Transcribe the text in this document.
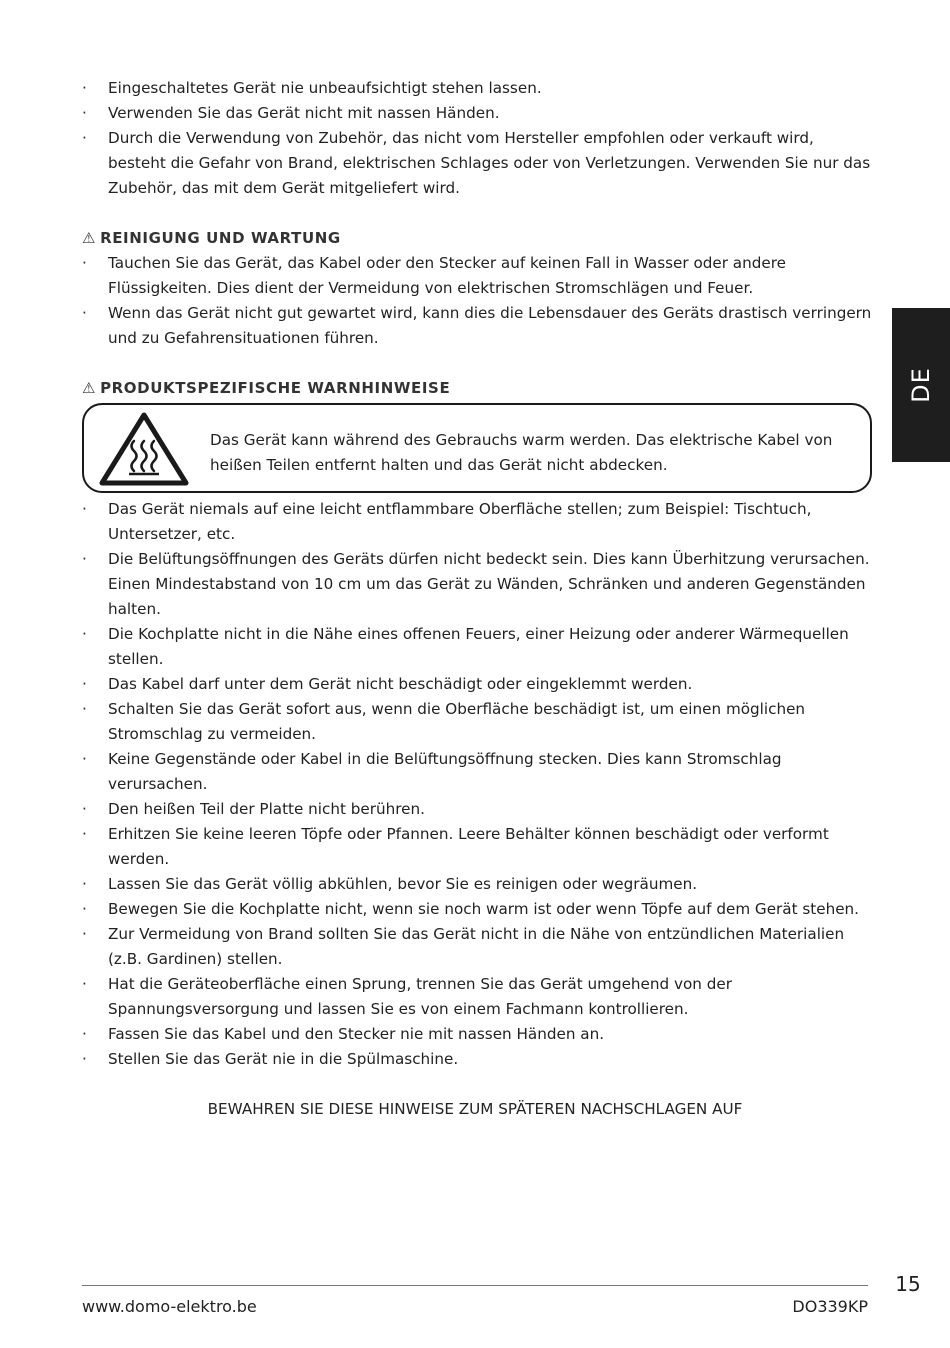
· Eingeschaltetes Gerät nie unbeaufsichtigt stehen lassen.
· Verwenden Sie das Gerät nicht mit nassen Händen.
· Durch die Verwendung von Zubehör, das nicht vom Hersteller empfohlen oder verkauft wird, besteht die Gefahr von Brand, elektrischen Schlages oder von Verletzungen. Verwenden Sie nur das Zubehör, das mit dem Gerät mitgeliefert wird.
⚠ REINIGUNG UND WARTUNG
· Tauchen Sie das Gerät, das Kabel oder den Stecker auf keinen Fall in Wasser oder andere Flüssigkeiten. Dies dient der Vermeidung von elektrischen Stromschlägen und Feuer.
· Wenn das Gerät nicht gut gewartet wird, kann dies die Lebensdauer des Geräts drastisch verringern und zu Gefahrensituationen führen.
⚠ PRODUKTSPEZIFISCHE WARNHINWEISE
Das Gerät kann während des Gebrauchs warm werden. Das elektrische Kabel von heißen Teilen entfernt halten und das Gerät nicht abdecken.
· Das Gerät niemals auf eine leicht entflammbare Oberfläche stellen; zum Beispiel: Tischtuch, Untersetzer, etc.
· Die Belüftungsöffnungen des Geräts dürfen nicht bedeckt sein. Dies kann Überhitzung verursachen. Einen Mindestabstand von 10 cm um das Gerät zu Wänden, Schränken und anderen Gegenständen halten.
· Die Kochplatte nicht in die Nähe eines offenen Feuers, einer Heizung oder anderer Wärmequellen stellen.
· Das Kabel darf unter dem Gerät nicht beschädigt oder eingeklemmt werden.
· Schalten Sie das Gerät sofort aus, wenn die Oberfläche beschädigt ist, um einen möglichen Stromschlag zu vermeiden.
· Keine Gegenstände oder Kabel in die Belüftungsöffnung stecken. Dies kann Stromschlag verursachen.
· Den heißen Teil der Platte nicht berühren.
· Erhitzen Sie keine leeren Töpfe oder Pfannen. Leere Behälter können beschädigt oder verformt werden.
· Lassen Sie das Gerät völlig abkühlen, bevor Sie es reinigen oder wegräumen.
· Bewegen Sie die Kochplatte nicht, wenn sie noch warm ist oder wenn Töpfe auf dem Gerät stehen.
· Zur Vermeidung von Brand sollten Sie das Gerät nicht in die Nähe von entzündlichen Materialien (z.B. Gardinen) stellen.
· Hat die Geräteoberfläche einen Sprung, trennen Sie das Gerät umgehend von der Spannungsversorgung und lassen Sie es von einem Fachmann kontrollieren.
· Fassen Sie das Kabel und den Stecker nie mit nassen Händen an.
· Stellen Sie das Gerät nie in die Spülmaschine.
BEWAHREN SIE DIESE HINWEISE ZUM SPÄTEREN NACHSCHLAGEN AUF
DE
15
www.domo-elektro.be	DO339KP
